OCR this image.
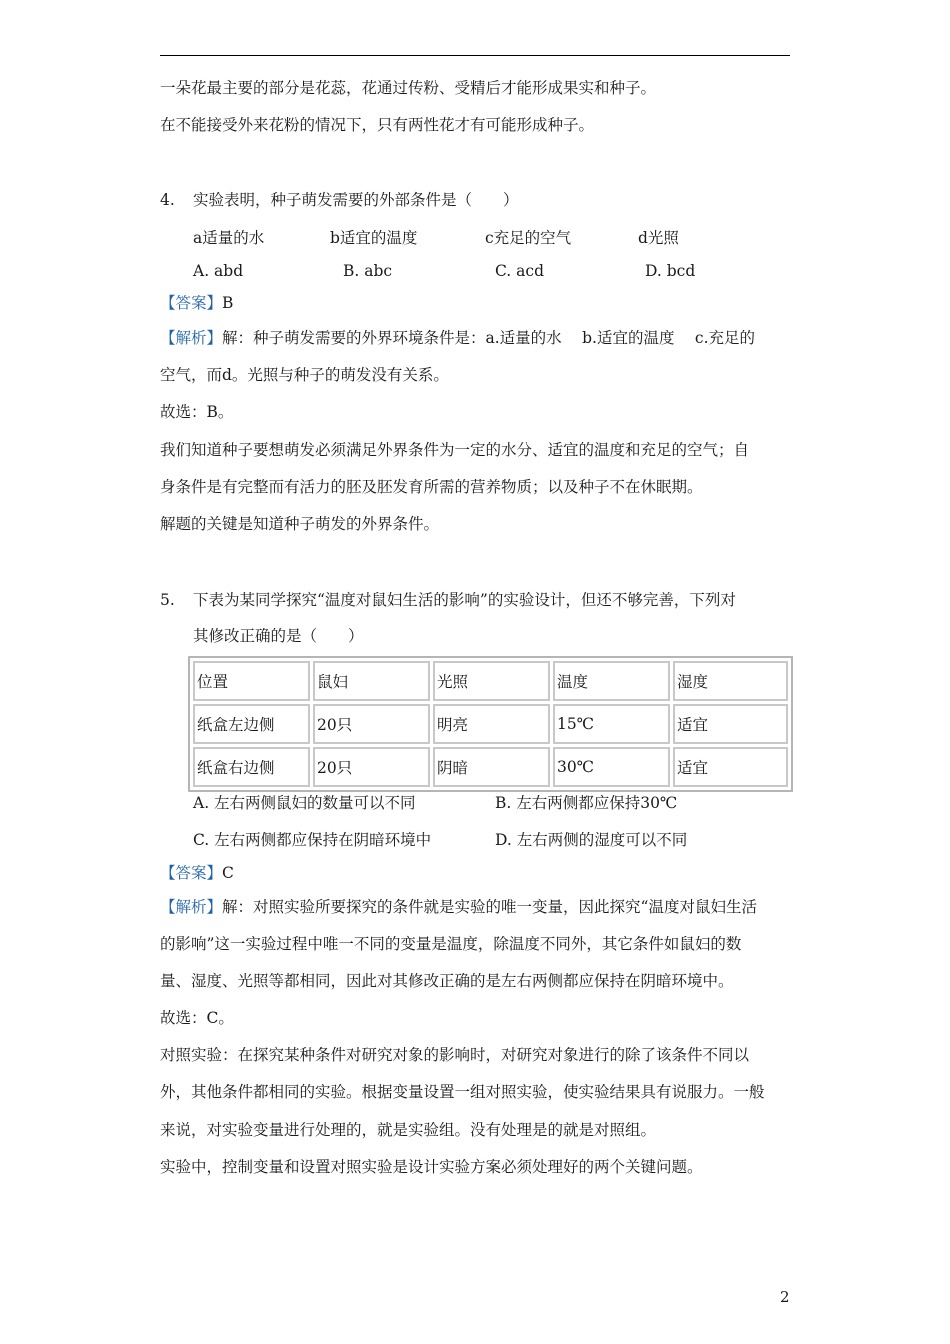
一朵花最主要的部分是花蕊，花通过传粉、受精后才能形成果实和种子。
在不能接受外来花粉的情况下，只有两性花才有可能形成种子。
4. 实验表明，种子萌发需要的外部条件是（　　）
a适量的水	b适宜的温度	c充足的空气	d光照
A. abd	B. abc	C. acd	D. bcd
【答案】B
【解析】解：种子萌发需要的外界环境条件是：a.适量的水　 b.适宜的温度　 c.充足的
空气，而d。光照与种子的萌发没有关系。
故选：B。
我们知道种子要想萌发必须满足外界条件为一定的水分、适宜的温度和充足的空气；自
身条件是有完整而有活力的胚及胚发育所需的营养物质；以及种子不在休眠期。
解题的关键是知道种子萌发的外界条件。
5. 下表为某同学探究“温度对鼠妇生活的影响”的实验设计，但还不够完善，下列对
其修改正确的是（　　）
位置	鼠妇	光照	温度	湿度
纸盒左边侧	20只	明亮	15℃	适宜
纸盒右边侧	20只	阴暗	30℃	适宜
A. 左右两侧鼠妇的数量可以不同	B. 左右两侧都应保持30℃
C. 左右两侧都应保持在阴暗环境中	D. 左右两侧的湿度可以不同
【答案】C
【解析】解：对照实验所要探究的条件就是实验的唯一变量，因此探究“温度对鼠妇生活
的影响”这一实验过程中唯一不同的变量是温度，除温度不同外，其它条件如鼠妇的数
量、湿度、光照等都相同，因此对其修改正确的是左右两侧都应保持在阴暗环境中。
故选：C。
对照实验：在探究某种条件对研究对象的影响时，对研究对象进行的除了该条件不同以
外，其他条件都相同的实验。根据变量设置一组对照实验，使实验结果具有说服力。一般
来说，对实验变量进行处理的，就是实验组。没有处理是的就是对照组。
实验中，控制变量和设置对照实验是设计实验方案必须处理好的两个关键问题。
2
